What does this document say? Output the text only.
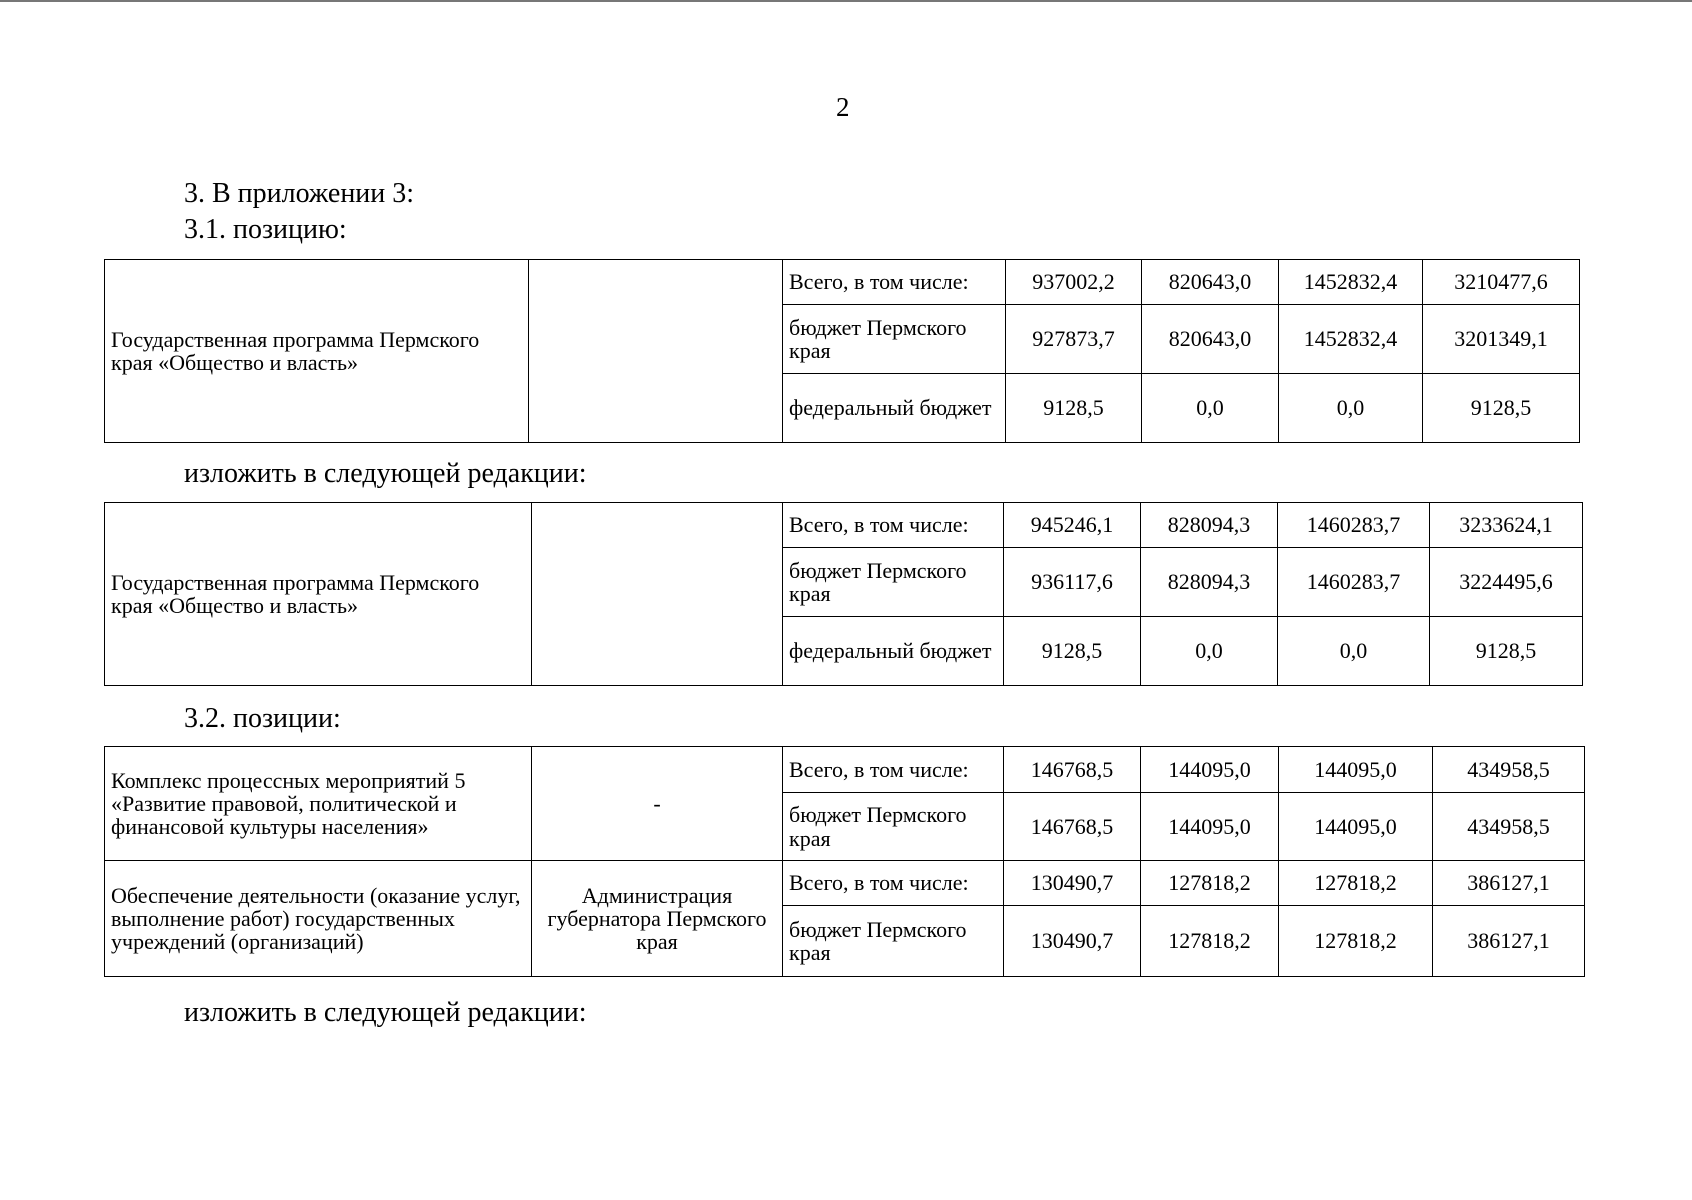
2
3. В приложении 3:
3.1. позицию:
Государственная программа Пермского края «Общество и власть»		Всего, в том числе:	937002,2	820643,0	1452832,4	3210477,6
		бюджет Пермского края	927873,7	820643,0	1452832,4	3201349,1
		федеральный бюджет	9128,5	0,0	0,0	9128,5
изложить в следующей редакции:
Государственная программа Пермского края «Общество и власть»		Всего, в том числе:	945246,1	828094,3	1460283,7	3233624,1
		бюджет Пермского края	936117,6	828094,3	1460283,7	3224495,6
		федеральный бюджет	9128,5	0,0	0,0	9128,5
3.2. позиции:
Комплекс процессных мероприятий 5 «Развитие правовой, политической и финансовой культуры населения»	-	Всего, в том числе:	146768,5	144095,0	144095,0	434958,5
		бюджет Пермского края	146768,5	144095,0	144095,0	434958,5
Обеспечение деятельности (оказание услуг, выполнение работ) государственных учреждений (организаций)	Администрация губернатора Пермского края	Всего, в том числе:	130490,7	127818,2	127818,2	386127,1
		бюджет Пермского края	130490,7	127818,2	127818,2	386127,1
изложить в следующей редакции:
